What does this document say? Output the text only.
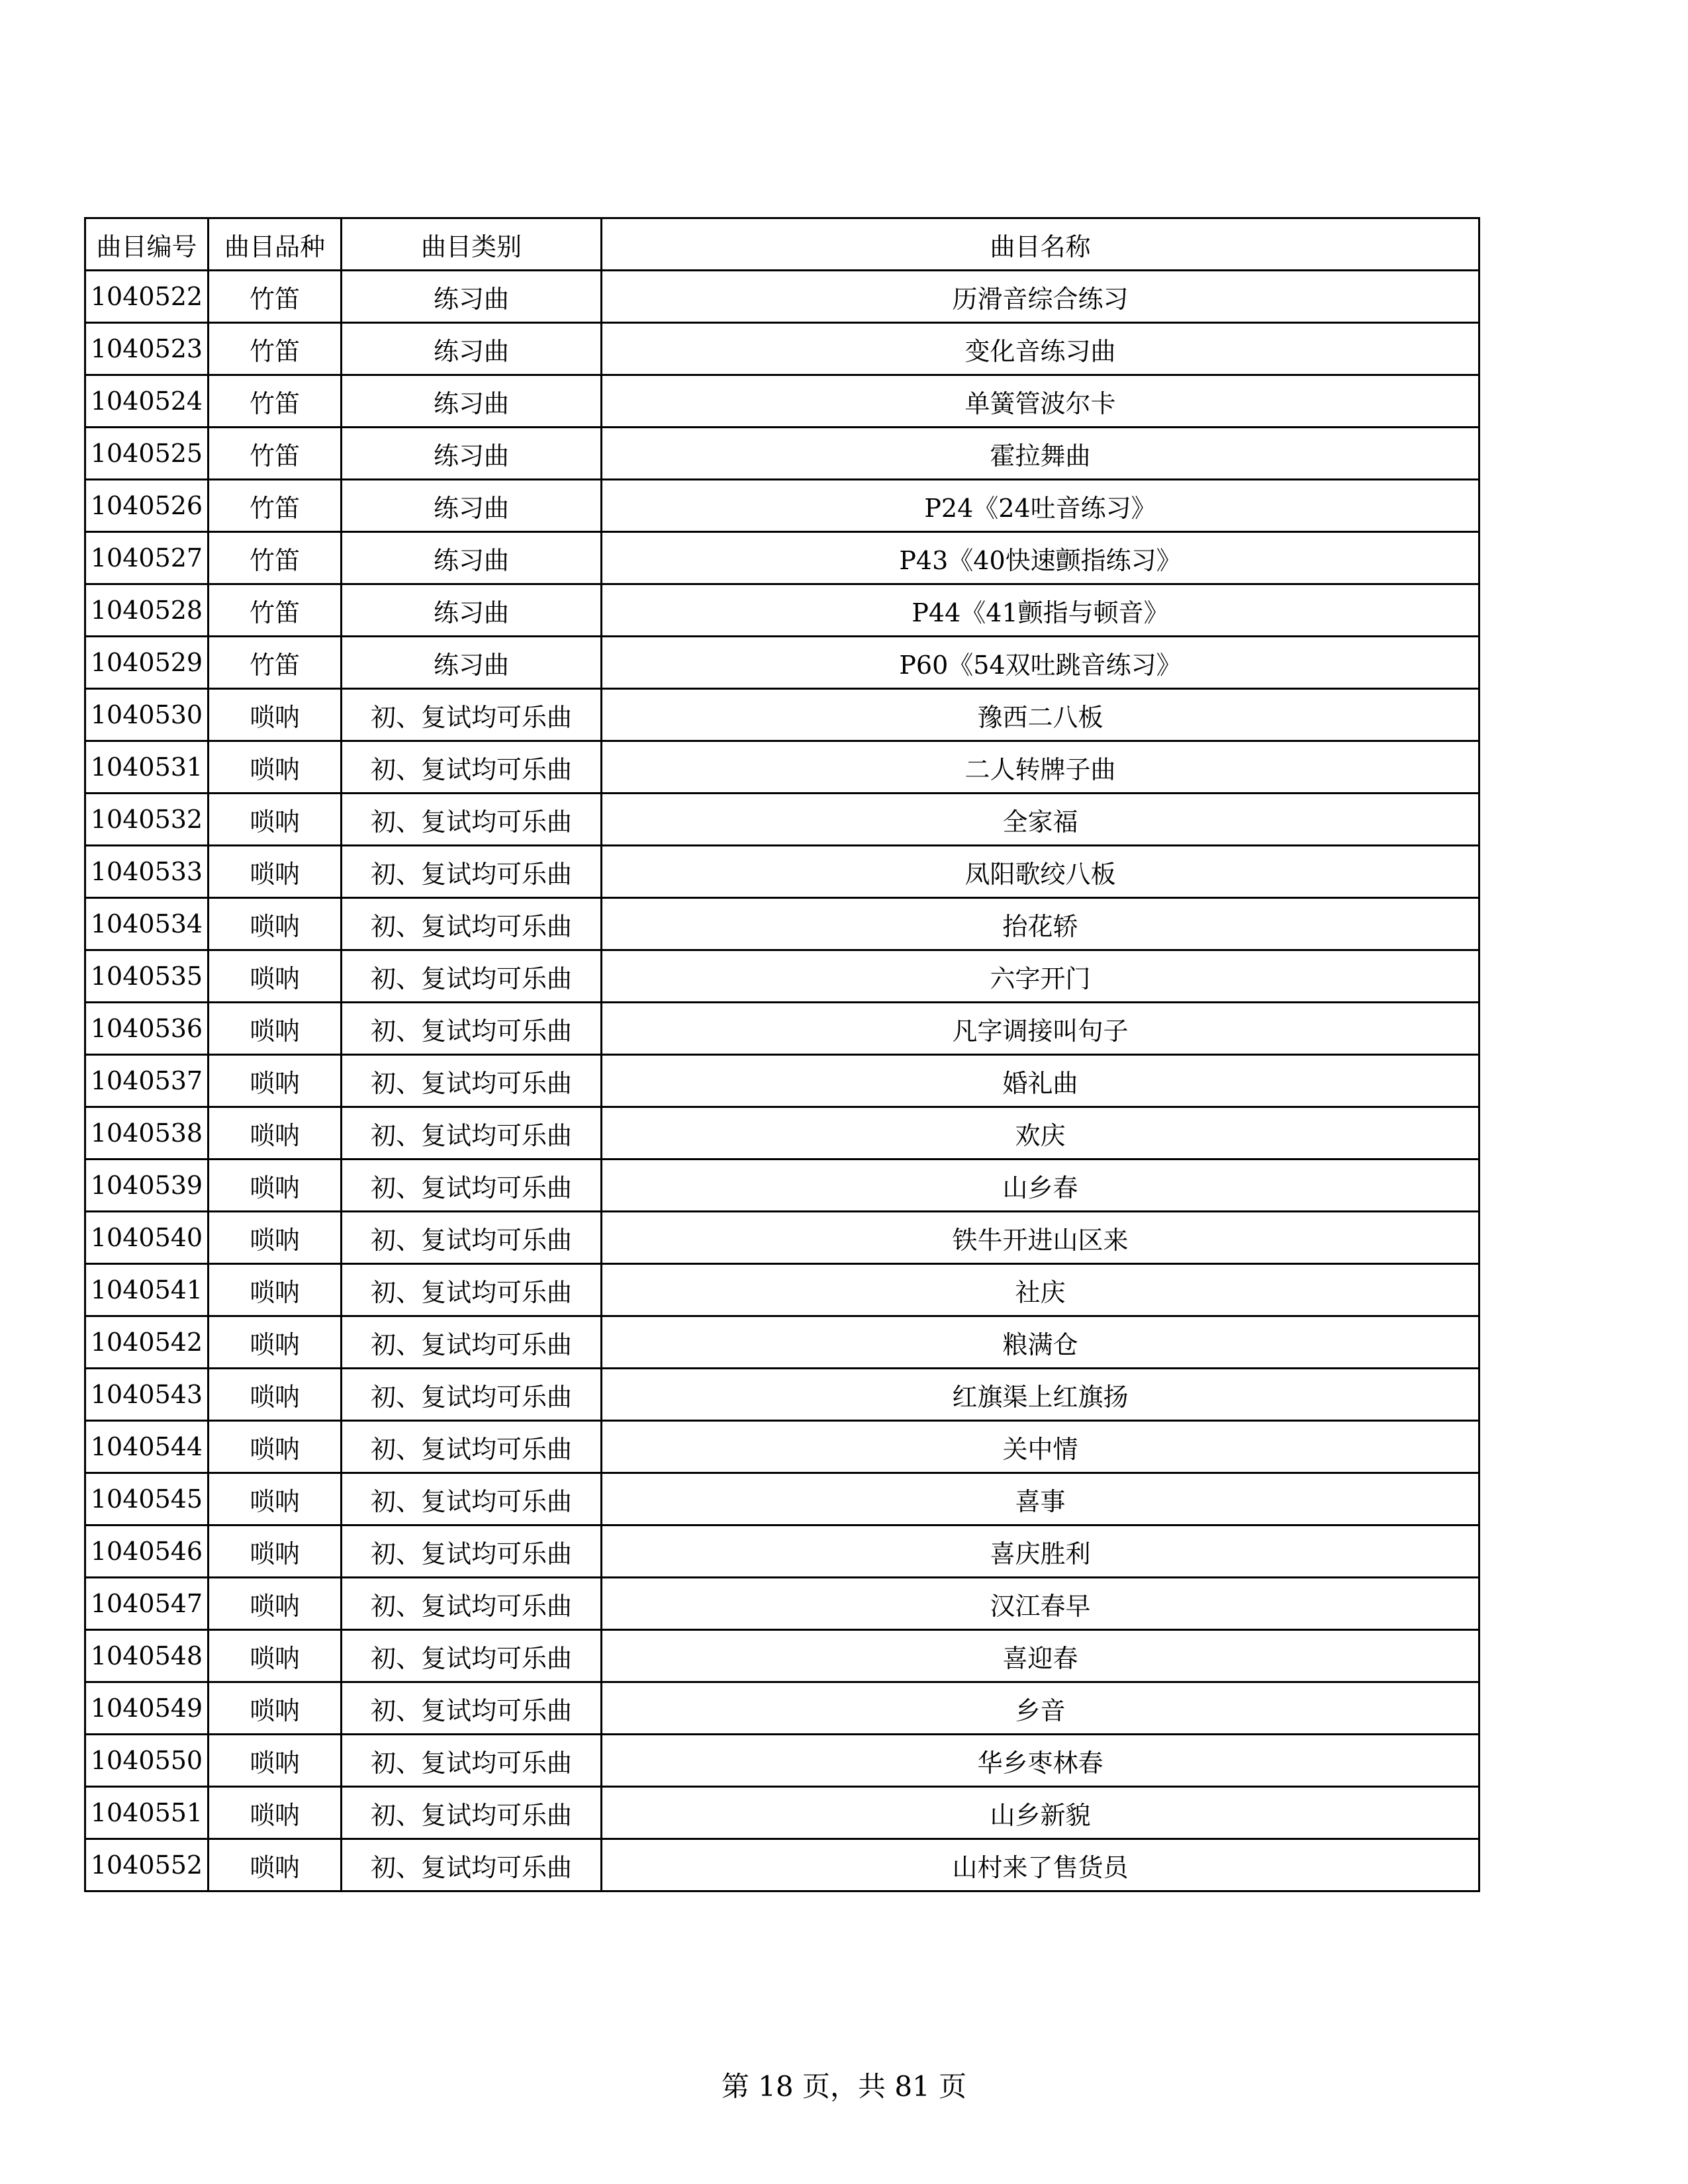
曲目编号	曲目品种	曲目类别	曲目名称
1040522	竹笛	练习曲	历滑音综合练习
1040523	竹笛	练习曲	变化音练习曲
1040524	竹笛	练习曲	单簧管波尔卡
1040525	竹笛	练习曲	霍拉舞曲
1040526	竹笛	练习曲	P24《24吐音练习》
1040527	竹笛	练习曲	P43《40快速颤指练习》
1040528	竹笛	练习曲	P44《41颤指与顿音》
1040529	竹笛	练习曲	P60《54双吐跳音练习》
1040530	唢呐	初、复试均可乐曲	豫西二八板
1040531	唢呐	初、复试均可乐曲	二人转牌子曲
1040532	唢呐	初、复试均可乐曲	全家福
1040533	唢呐	初、复试均可乐曲	凤阳歌绞八板
1040534	唢呐	初、复试均可乐曲	抬花轿
1040535	唢呐	初、复试均可乐曲	六字开门
1040536	唢呐	初、复试均可乐曲	凡字调接叫句子
1040537	唢呐	初、复试均可乐曲	婚礼曲
1040538	唢呐	初、复试均可乐曲	欢庆
1040539	唢呐	初、复试均可乐曲	山乡春
1040540	唢呐	初、复试均可乐曲	铁牛开进山区来
1040541	唢呐	初、复试均可乐曲	社庆
1040542	唢呐	初、复试均可乐曲	粮满仓
1040543	唢呐	初、复试均可乐曲	红旗渠上红旗扬
1040544	唢呐	初、复试均可乐曲	关中情
1040545	唢呐	初、复试均可乐曲	喜事
1040546	唢呐	初、复试均可乐曲	喜庆胜利
1040547	唢呐	初、复试均可乐曲	汉江春早
1040548	唢呐	初、复试均可乐曲	喜迎春
1040549	唢呐	初、复试均可乐曲	乡音
1040550	唢呐	初、复试均可乐曲	华乡枣林春
1040551	唢呐	初、复试均可乐曲	山乡新貌
1040552	唢呐	初、复试均可乐曲	山村来了售货员
第 18 页，共 81 页
